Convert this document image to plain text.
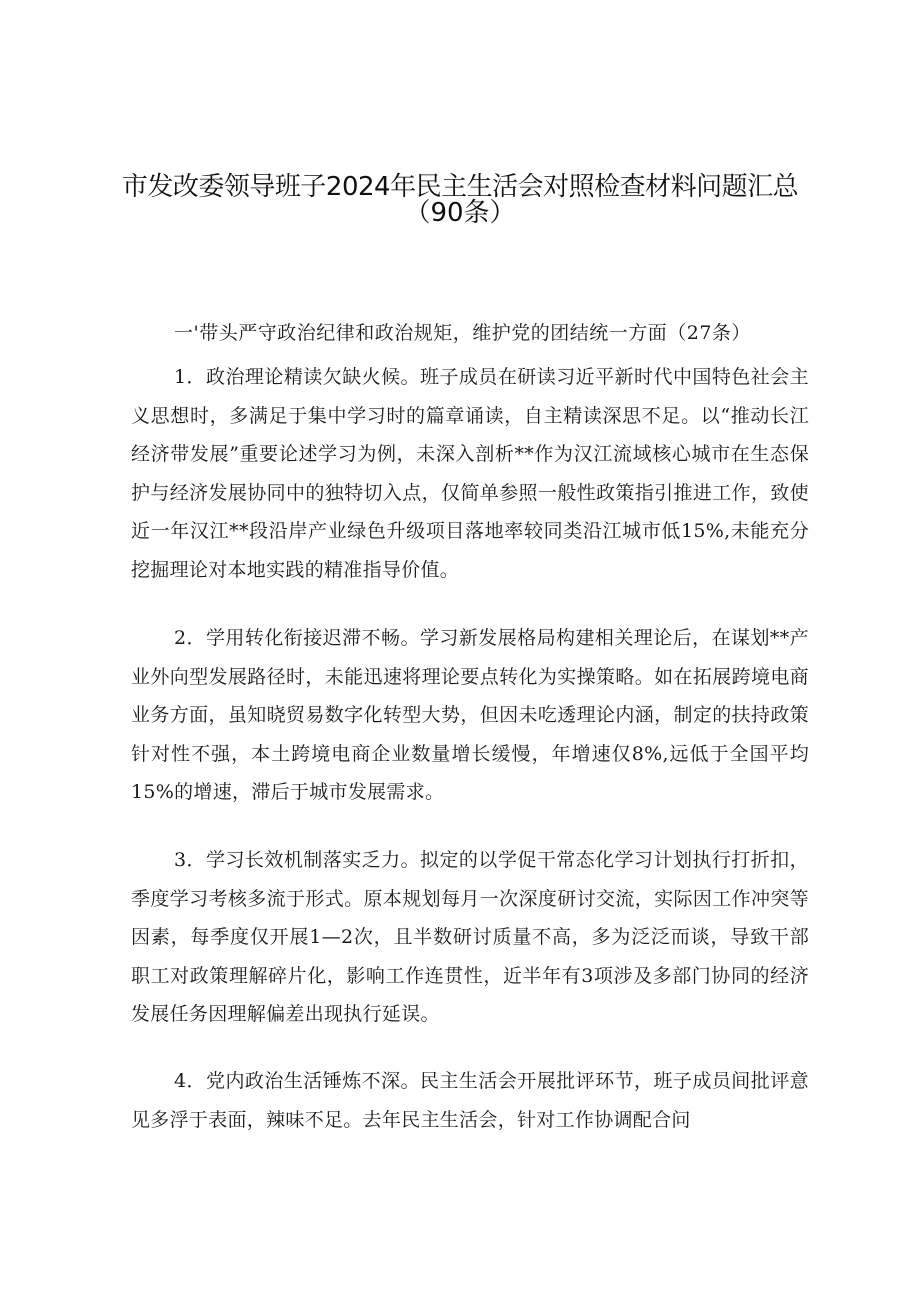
市发改委领导班子2024年民主生活会对照检查材料问题汇总
（90条）

一'带头严守政治纪律和政治规矩，维护党的团结统一方面（27条）

1．政治理论精读欠缺火候。班子成员在研读习近平新时代中国特色社会主义思想时，多满足于集中学习时的篇章诵读，自主精读深思不足。以“推动长江经济带发展”重要论述学习为例，未深入剖析**作为汉江流域核心城市在生态保护与经济发展协同中的独特切入点，仅简单参照一般性政策指引推进工作，致使近一年汉江**段沿岸产业绿色升级项目落地率较同类沿江城市低15%,未能充分挖掘理论对本地实践的精准指导价值。

2．学用转化衔接迟滞不畅。学习新发展格局构建相关理论后，在谋划**产业外向型发展路径时，未能迅速将理论要点转化为实操策略。如在拓展跨境电商业务方面，虽知晓贸易数字化转型大势，但因未吃透理论内涵，制定的扶持政策针对性不强，本土跨境电商企业数量增长缓慢，年增速仅8%,远低于全国平均15%的增速，滞后于城市发展需求。

3．学习长效机制落实乏力。拟定的以学促干常态化学习计划执行打折扣，季度学习考核多流于形式。原本规划每月一次深度研讨交流，实际因工作冲突等因素，每季度仅开展1—2次，且半数研讨质量不高，多为泛泛而谈，导致干部职工对政策理解碎片化，影响工作连贯性，近半年有3项涉及多部门协同的经济发展任务因理解偏差出现执行延误。

4．党内政治生活锤炼不深。民主生活会开展批评环节，班子成员间批评意见多浮于表面，辣味不足。去年民主生活会，针对工作协调配合问
